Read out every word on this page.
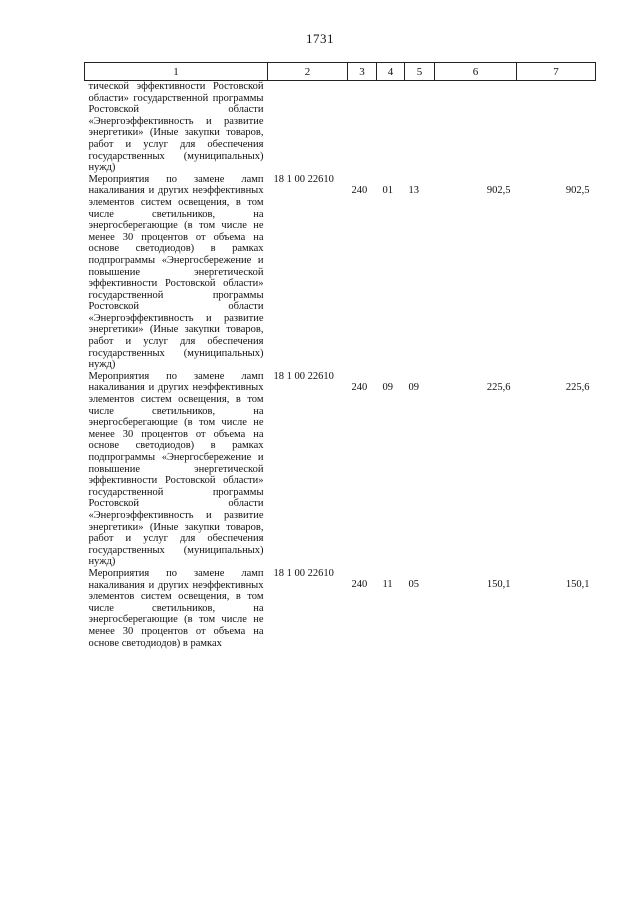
1731
1	2	3	4	5	6	7
тической эффективности Ростовской области» государственной программы Ростовской области «Энергоэффективность и развитие энергетики» (Иные закупки товаров, работ и услуг для обеспечения государственных (муниципальных) нужд)						
Мероприятия по замене ламп накаливания и других неэффективных элементов систем освещения, в том числе светильников, на энергосберегающие (в том числе не менее 30 процентов от объема на основе светодиодов) в рамках подпрограммы «Энергосбережение и повышение энергетической эффективности Ростовской области» государственной программы Ростовской области «Энергоэффективность и развитие энергетики» (Иные закупки товаров, работ и услуг для обеспечения государственных (муниципальных) нужд)	18 1 00 22610	240	01	13	902,5	902,5
Мероприятия по замене ламп накаливания и других неэффективных элементов систем освещения, в том числе светильников, на энергосберегающие (в том числе не менее 30 процентов от объема на основе светодиодов) в рамках подпрограммы «Энергосбережение и повышение энергетической эффективности Ростовской области» государственной программы Ростовской области «Энергоэффективность и развитие энергетики» (Иные закупки товаров, работ и услуг для обеспечения государственных (муниципальных) нужд)	18 1 00 22610	240	09	09	225,6	225,6
Мероприятия по замене ламп накаливания и других неэффективных элементов систем освещения, в том числе светильников, на энергосберегающие (в том числе не менее 30 процентов от объема на основе светодиодов) в рамках	18 1 00 22610	240	11	05	150,1	150,1
